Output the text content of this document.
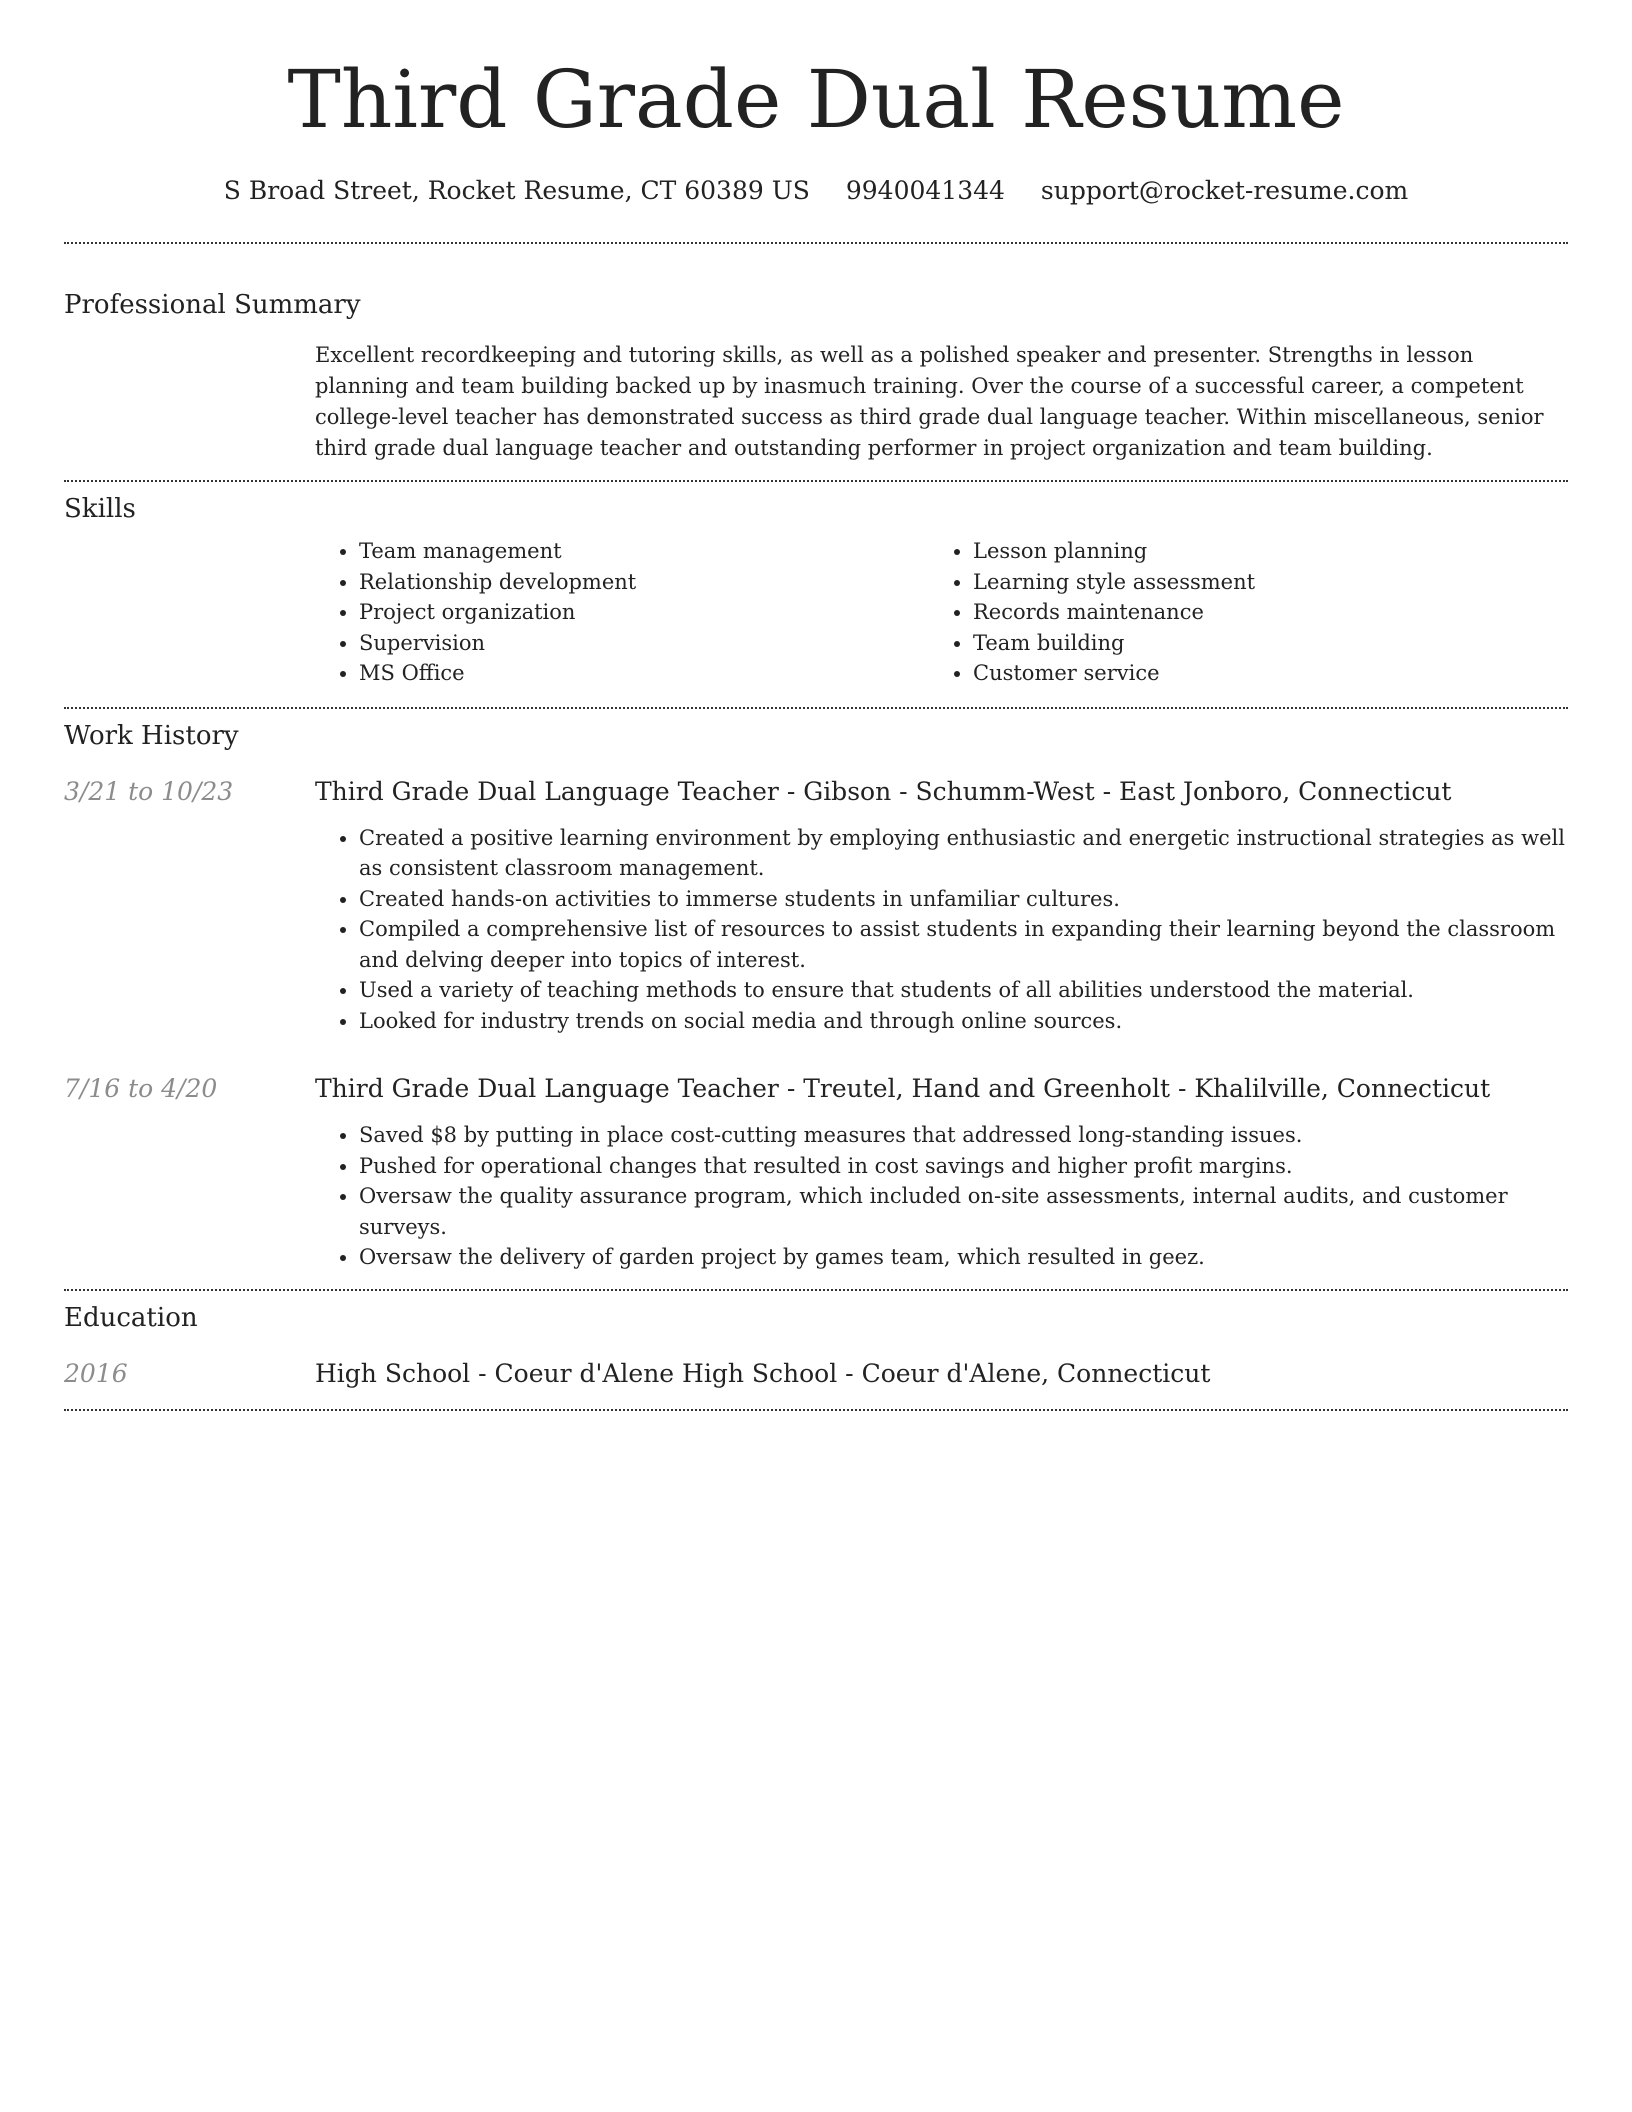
Third Grade Dual Resume
S Broad Street, Rocket Resume, CT 60389 US 9940041344 support@rocket-resume.com
Professional Summary

Excellent recordkeeping and tutoring skills, as well as a polished speaker and presenter. Strengths in lesson planning and team building backed up by inasmuch training. Over the course of a successful career, a competent college-level teacher has demonstrated success as third grade dual language teacher. Within miscellaneous, senior third grade dual language teacher and outstanding performer in project organization and team building.

Skills
• Team management
• Relationship development
• Project organization
• Supervision
• MS Office
• Lesson planning
• Learning style assessment
• Records maintenance
• Team building
• Customer service
Work History
3/21 to 10/23	Third Grade Dual Language Teacher - Gibson - Schumm-West - East Jonboro, Connecticut
• Created a positive learning environment by employing enthusiastic and energetic instructional strategies as well as consistent classroom management.
• Created hands-on activities to immerse students in unfamiliar cultures.
• Compiled a comprehensive list of resources to assist students in expanding their learning beyond the classroom and delving deeper into topics of interest.
• Used a variety of teaching methods to ensure that students of all abilities understood the material.
• Looked for industry trends on social media and through online sources.
7/16 to 4/20	Third Grade Dual Language Teacher - Treutel, Hand and Greenholt - Khalilville, Connecticut
• Saved $8 by putting in place cost-cutting measures that addressed long-standing issues.
• Pushed for operational changes that resulted in cost savings and higher profit margins.
• Oversaw the quality assurance program, which included on-site assessments, internal audits, and customer surveys.
• Oversaw the delivery of garden project by games team, which resulted in geez.
Education
2016	High School - Coeur d'Alene High School - Coeur d'Alene, Connecticut
